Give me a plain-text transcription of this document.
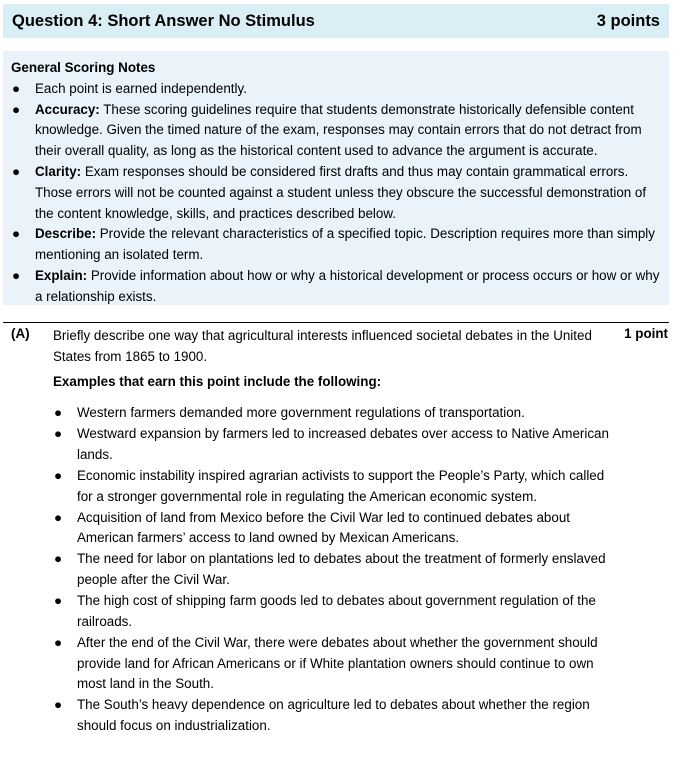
Question 4: Short Answer No Stimulus	3 points
General Scoring Notes
● Each point is earned independently.
● Accuracy: These scoring guidelines require that students demonstrate historically defensible content knowledge. Given the timed nature of the exam, responses may contain errors that do not detract from their overall quality, as long as the historical content used to advance the argument is accurate.
● Clarity: Exam responses should be considered first drafts and thus may contain grammatical errors. Those errors will not be counted against a student unless they obscure the successful demonstration of the content knowledge, skills, and practices described below.
● Describe: Provide the relevant characteristics of a specified topic. Description requires more than simply mentioning an isolated term.
● Explain: Provide information about how or why a historical development or process occurs or how or why a relationship exists.
(A) Briefly describe one way that agricultural interests influenced societal debates in the United States from 1865 to 1900.
1 point
Examples that earn this point include the following:
● Western farmers demanded more government regulations of transportation.
● Westward expansion by farmers led to increased debates over access to Native American lands.
● Economic instability inspired agrarian activists to support the People’s Party, which called for a stronger governmental role in regulating the American economic system.
● Acquisition of land from Mexico before the Civil War led to continued debates about American farmers’ access to land owned by Mexican Americans.
● The need for labor on plantations led to debates about the treatment of formerly enslaved people after the Civil War.
● The high cost of shipping farm goods led to debates about government regulation of the railroads.
● After the end of the Civil War, there were debates about whether the government should provide land for African Americans or if White plantation owners should continue to own most land in the South.
● The South’s heavy dependence on agriculture led to debates about whether the region should focus on industrialization.
